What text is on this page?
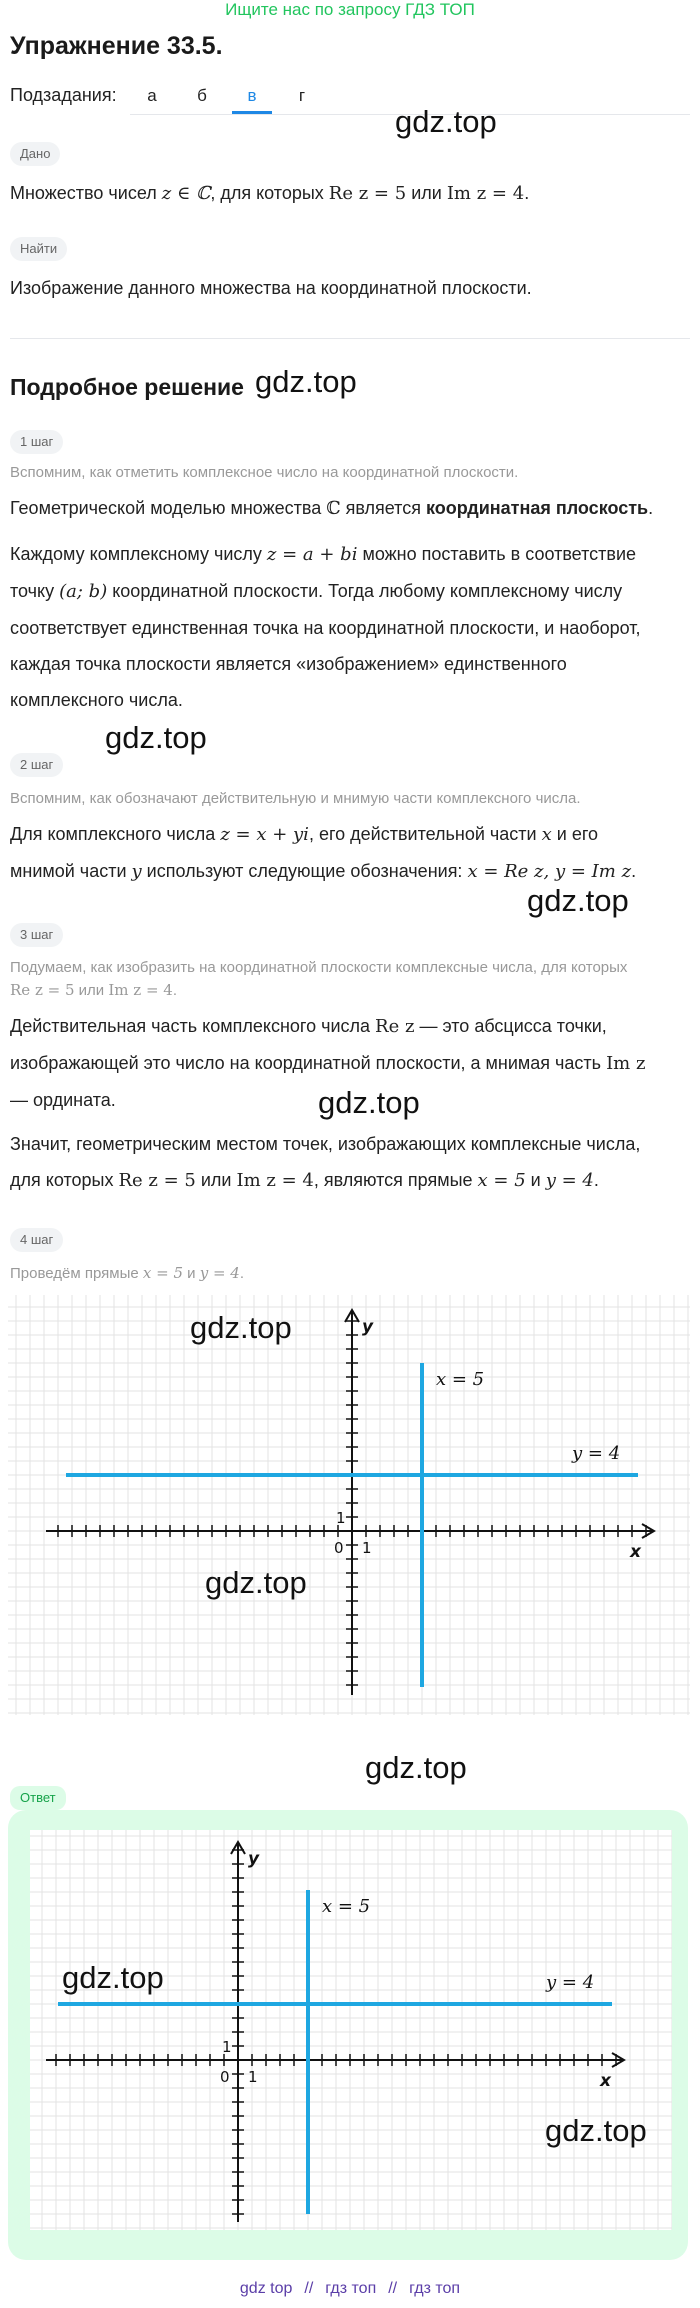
Ищите нас по запросу ГДЗ ТОП
Упражнение 33.5.
Подзадания:	а	б	в	г
gdz.top
Дано
Множество чисел z ∈ ℂ, для которых Re z = 5 или Im z = 4.
Найти
Изображение данного множества на координатной плоскости.
Подробное решение gdz.top
1 шаг
Вспомним, как отметить комплексное число на координатной плоскости.
Геометрической моделью множества ℂ является координатная плоскость.
Каждому комплексному числу z = a + bi можно поставить в соответствие
точку (a; b) координатной плоскости. Тогда любому комплексному числу
соответствует единственная точка на координатной плоскости, и наоборот,
каждая точка плоскости является «изображением» единственного
комплексного числа.
gdz.top
2 шаг
Вспомним, как обозначают действительную и мнимую части комплексного числа.
Для комплексного числа z = x + yi, его действительной части x и его
мнимой части y используют следующие обозначения: x = Re z, y = Im z.
gdz.top
3 шаг
Подумаем, как изобразить на координатной плоскости комплексные числа, для которых
Re z = 5 или Im z = 4.
Действительная часть комплексного числа Re z — это абсцисса точки,
изображающей это число на координатной плоскости, а мнимая часть Im z
— ордината.	gdz.top
Значит, геометрическим местом точек, изображающих комплексные числа,
для которых Re z = 5 или Im z = 4, являются прямые x = 5 и y = 4.
4 шаг
Проведём прямые x = 5 и y = 4.
x
y
0 1
1
x = 5
y = 4
gdz.top
gdz.top
gdz.top
Ответ
x
y
0 1
1
x = 5
y = 4
gdz.top
gdz.top
gdz top // гдз топ // гдз топ
